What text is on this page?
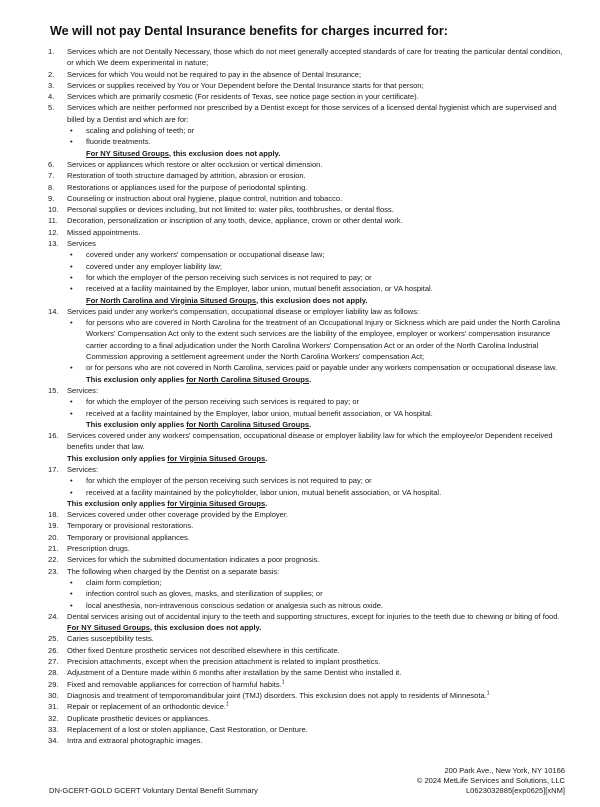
We will not pay Dental Insurance benefits for charges incurred for:
1. Services which are not Dentally Necessary, those which do not meet generally accepted standards of care for treating the particular dental condition, or which We deem experimental in nature;
2. Services for which You would not be required to pay in the absence of Dental Insurance;
3. Services or supplies received by You or Your Dependent before the Dental Insurance starts for that person;
4. Services which are primarily cosmetic (For residents of Texas, see notice page section in your certificate).
5. Services which are neither performed nor prescribed by a Dentist except for those services of a licensed dental hygienist which are supervised and billed by a Dentist and which are for:
• scaling and polishing of teeth; or
• fluoride treatments.
For NY Sitused Groups, this exclusion does not apply.
6. Services or appliances which restore or alter occlusion or vertical dimension.
7. Restoration of tooth structure damaged by attrition, abrasion or erosion.
8. Restorations or appliances used for the purpose of periodontal splinting.
9. Counseling or instruction about oral hygiene, plaque control, nutrition and tobacco.
10. Personal supplies or devices including, but not limited to: water piks, toothbrushes, or dental floss.
11. Decoration, personalization or inscription of any tooth, device, appliance, crown or other dental work.
12. Missed appointments.
13. Services
• covered under any workers' compensation or occupational disease law;
• covered under any employer liability law;
• for which the employer of the person receiving such services is not required to pay; or
• received at a facility maintained by the Employer, labor union, mutual benefit association, or VA hospital.
For North Carolina and Virginia Sitused Groups, this exclusion does not apply.
14. Services paid under any worker's compensation, occupational disease or employer liability law as follows:
• for persons who are covered in North Carolina for the treatment of an Occupational Injury or Sickness which are paid under the North Carolina Workers' Compensation Act only to the extent such services are the liability of the employee, employer or workers' compensation insurance carrier according to a final adjudication under the North Carolina Workers' Compensation Act or an order of the North Carolina Industrial Commission approving a settlement agreement under the North Carolina Workers' compensation Act;
• or for persons who are not covered in North Carolina, services paid or payable under any workers compensation or occupational disease law.
This exclusion only applies for North Carolina Sitused Groups.
15. Services:
• for which the employer of the person receiving such services is required to pay; or
• received at a facility maintained by the Employer, labor union, mutual benefit association, or VA hospital.
This exclusion only applies for North Carolina Sitused Groups.
16. Services covered under any workers' compensation, occupational disease or employer liability law for which the employee/or Dependent received benefits under that law.
This exclusion only applies for Virginia Sitused Groups.
17. Services:
• for which the employer of the person receiving such services is not required to pay; or
• received at a facility maintained by the policyholder, labor union, mutual benefit association, or VA hospital.
This exclusion only applies for Virginia Sitused Groups.
18. Services covered under other coverage provided by the Employer.
19. Temporary or provisional restorations.
20. Temporary or provisional appliances.
21. Prescription drugs.
22. Services for which the submitted documentation indicates a poor prognosis.
23. The following when charged by the Dentist on a separate basis:
• claim form completion;
• infection control such as gloves, masks, and sterilization of supplies; or
• local anesthesia, non-intravenous conscious sedation or analgesia such as nitrous oxide.
24. Dental services arising out of accidental injury to the teeth and supporting structures, except for injuries to the teeth due to chewing or biting of food.
For NY Sitused Groups, this exclusion does not apply.
25. Caries susceptibility tests.
26. Other fixed Denture prosthetic services not described elsewhere in this certificate.
27. Precision attachments, except when the precision attachment is related to implant prosthetics.
28. Adjustment of a Denture made within 6 months after installation by the same Dentist who installed it.
29. Fixed and removable appliances for correction of harmful habits.$^1$
30. Diagnosis and treatment of temporomandibular joint (TMJ) disorders. This exclusion does not apply to residents of Minnesota.$^1$
31. Repair or replacement of an orthodontic device.$^1$
32. Duplicate prosthetic devices or appliances.
33. Replacement of a lost or stolen appliance, Cast Restoration, or Denture.
34. Intra and extraoral photographic images.
DN-GCERT-GOLD GCERT Voluntary Dental Benefit Summary
200 Park Ave., New York, NY 10166
© 2024 MetLife Services and Solutions, LLC
L0623032885[exp0625][xNM]
